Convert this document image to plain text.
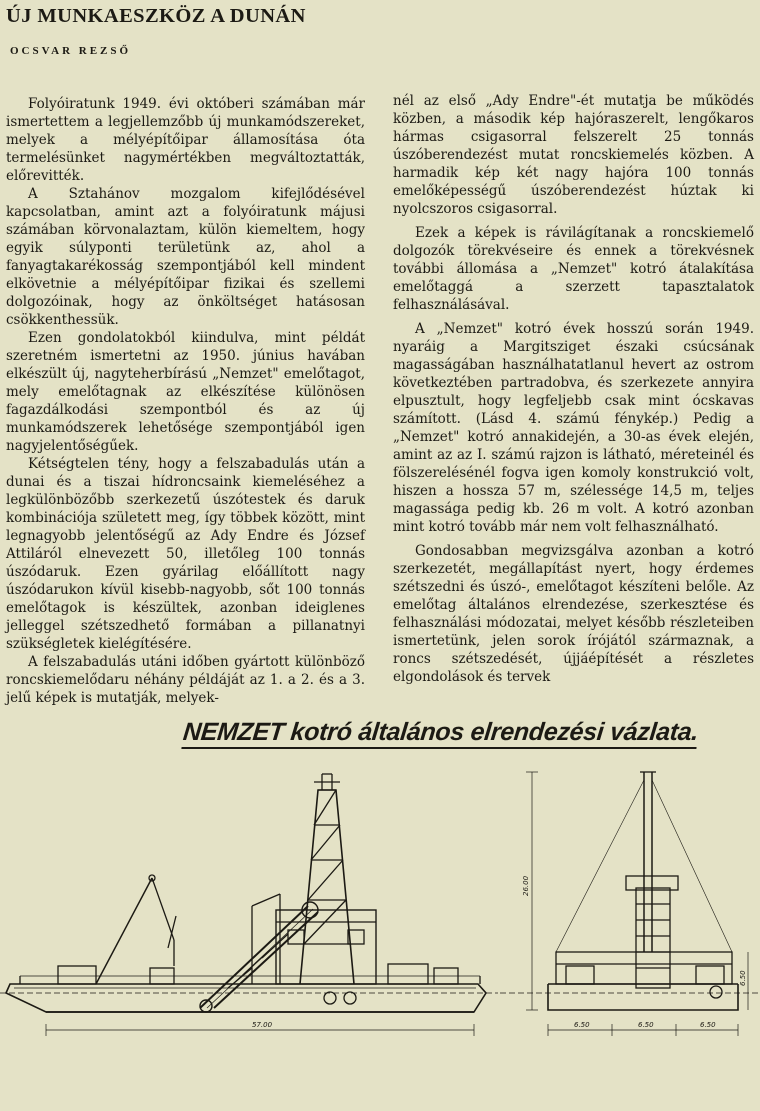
ÚJ MUNKAESZKÖZ A DUNÁN
OCSVAR REZSŐ

Folyóiratunk 1949. évi októberi számában már ismertettem a legjellemzőbb új munkamódszereket, melyek a mélyépítőipar államosítása óta termelésünket nagymértékben megváltoztatták, előrevitték.

A Sztahánov mozgalom kifejlődésével kapcsolatban, amint azt a folyóiratunk májusi számában körvonalaztam, külön kiemeltem, hogy egyik súlyponti területünk az, ahol a fanyagtakarékosság szempontjából kell mindent elkövetnie a mélyépítőipar fizikai és szellemi dolgozóinak, hogy az önköltséget hatásosan csökkenthessük.

Ezen gondolatokból kiindulva, mint példát szeretném ismertetni az 1950. június havában elkészült új, nagyteherbírású „Nemzet" emelőtagot, mely emelőtagnak az elkészítése különösen fagazdálkodási szempontból és az új munkamódszerek lehetősége szempontjából igen nagyjelentőségűek.

Kétségtelen tény, hogy a felszabadulás után a dunai és a tiszai hídroncsaink kiemeléséhez a legkülönbözőbb szerkezetű úszótestek és daruk kombinációja született meg, így többek között, mint legnagyobb jelentőségű az Ady Endre és József Attiláról elnevezett 50, illetőleg 100 tonnás úszódaruk. Ezen gyárilag előállított nagy úszódarukon kívül kisebb-nagyobb, sőt 100 tonnás emelőtagok is készültek, azonban ideiglenes jelleggel szétszedhető formában a pillanatnyi szükségletek kielégítésére.

A felszabadulás utáni időben gyártott különböző roncskiemelődaru néhány példáját az 1. a 2. és a 3. jelű képek is mutatják, melyek-

nél az első „Ady Endre"-ét mutatja be működés közben, a második kép hajóraszerelt, lengőkaros hármas csigasorral felszerelt 25 tonnás úszóberendezést mutat roncskiemelés közben. A harmadik kép két nagy hajóra 100 tonnás emelőképességű úszóberendezést húztak ki nyolcszoros csigasorral.

Ezek a képek is rávilágítanak a roncskiemelő dolgozók törekvéseire és ennek a törekvésnek további állomása a „Nemzet" kotró átalakítása emelőtaggá a szerzett tapasztalatok felhasználásával.

A „Nemzet" kotró évek hosszú során 1949. nyaráig a Margitsziget északi csúcsának magasságában használhatatlanul hevert az ostrom következtében partradobva, és szerkezete annyira elpusztult, hogy legfeljebb csak mint ócskavas számított. (Lásd 4. számú fénykép.) Pedig a „Nemzet" kotró annakidején, a 30-as évek elején, amint az az I. számú rajzon is látható, méreteinél és fölszerelésénél fogva igen komoly konstrukció volt, hiszen a hossza 57 m, szélessége 14,5 m, teljes magassága pedig kb. 26 m volt. A kotró azonban mint kotró tovább már nem volt felhasználható.

Gondosabban megvizsgálva azonban a kotró szerkezetét, megállapítást nyert, hogy érdemes szétszedni és úszó-, emelőtagot készíteni belőle. Az emelőtag általános elrendezése, szerkesztése és felhasználási módozatai, melyet később részleteiben ismertetünk, jelen sorok írójától származnak, a roncs szétszedését, újjáépítését a részletes elgondolások és tervek

NEMZET kotró általános elrendezési vázlata.
57.00
26.00
6.50
6.50	6.50	6.50
